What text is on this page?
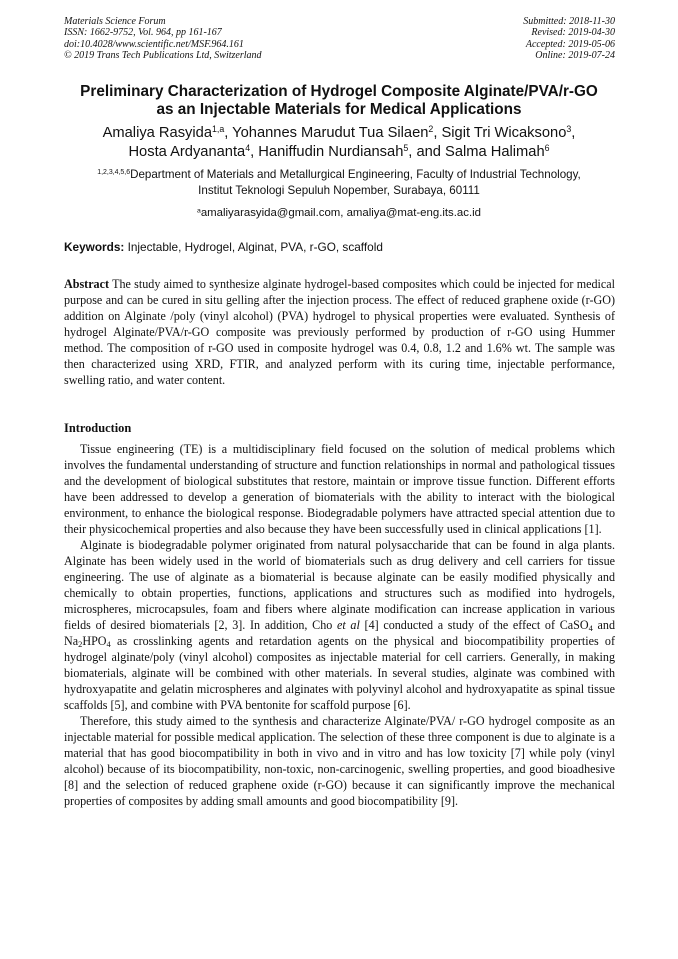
Materials Science Forum
ISSN: 1662-9752, Vol. 964, pp 161-167
doi:10.4028/www.scientific.net/MSF.964.161
© 2019 Trans Tech Publications Ltd, Switzerland
Submitted: 2018-11-30
Revised: 2019-04-30
Accepted: 2019-05-06
Online: 2019-07-24
Preliminary Characterization of Hydrogel Composite Alginate/PVA/r-GO
as an Injectable Materials for Medical Applications
Amaliya Rasyida$^{1,a}$, Yohannes Marudut Tua Silaen$^2$, Sigit Tri Wicaksono$^3$,
Hosta Ardyananta$^4$, Haniffudin Nurdiansah$^5$, and Salma Halimah$^6$
$^{1,2,3,4,5,6}$Department of Materials and Metallurgical Engineering, Faculty of Industrial Technology,
Institut Teknologi Sepuluh Nopember, Surabaya, 60111
$^a$amaliyarasyida@gmail.com, amaliya@mat-eng.its.ac.id
Keywords: Injectable, Hydrogel, Alginat, PVA, r-GO, scaffold
Abstract The study aimed to synthesize alginate hydrogel-based composites which could be injected for medical purpose and can be cured in situ gelling after the injection process. The effect of reduced graphene oxide (r-GO) addition on Alginate /poly (vinyl alcohol) (PVA) hydrogel to physical properties were evaluated. Synthesis of hydrogel Alginate/PVA/r-GO composite was previously performed by production of r-GO using Hummer method. The composition of r-GO used in composite hydrogel was 0.4, 0.8, 1.2 and 1.6% wt. The sample was then characterized using XRD, FTIR, and analyzed perform with its curing time, injectable performance, swelling ratio, and water content.
Introduction

Tissue engineering (TE) is a multidisciplinary field focused on the solution of medical problems which involves the fundamental understanding of structure and function relationships in normal and pathological tissues and the development of biological substitutes that restore, maintain or improve tissue function. Different efforts have been addressed to develop a generation of biomaterials with the ability to interact with the biological environment, to enhance the biological response. Biodegradable polymers have attracted special attention due to their physicochemical properties and also because they have been successfully used in clinical applications [1].

Alginate is biodegradable polymer originated from natural polysaccharide that can be found in alga plants. Alginate has been widely used in the world of biomaterials such as drug delivery and cell carriers for tissue engineering. The use of alginate as a biomaterial is because alginate can be easily modified physically and chemically to obtain properties, functions, applications and structures such as modified into hydrogels, microspheres, microcapsules, foam and fibers where alginate modification can increase application in various fields of desired biomaterials [2, 3]. In addition, Cho et al [4] conducted a study of the effect of CaSO$_4$ and $Na_2HPO_4$ as crosslinking agents and retardation agents on the physical and biocompatibility properties of hydrogel alginate/poly (vinyl alcohol) composites as injectable material for cell carriers. Generally, in making biomaterials, alginate will be combined with other materials. In several studies, alginate was combined with hydroxyapatite and gelatin microspheres and alginates with polyvinyl alcohol and hydroxyapatite as spinal tissue scaffolds [5], and combine with PVA bentonite for scaffold purpose [6].

Therefore, this study aimed to the synthesis and characterize Alginate/PVA/ r-GO hydrogel composite as an injectable material for possible medical application. The selection of these three component is due to alginate is a material that has good biocompatibility in both in vivo and in vitro and has low toxicity [7] while poly (vinyl alcohol) because of its biocompatibility, non-toxic, non-carcinogenic, swelling properties, and good bioadhesive [8] and the selection of reduced graphene oxide (r-GO) because it can significantly improve the mechanical properties of composites by adding small amounts and good biocompatibility [9].
